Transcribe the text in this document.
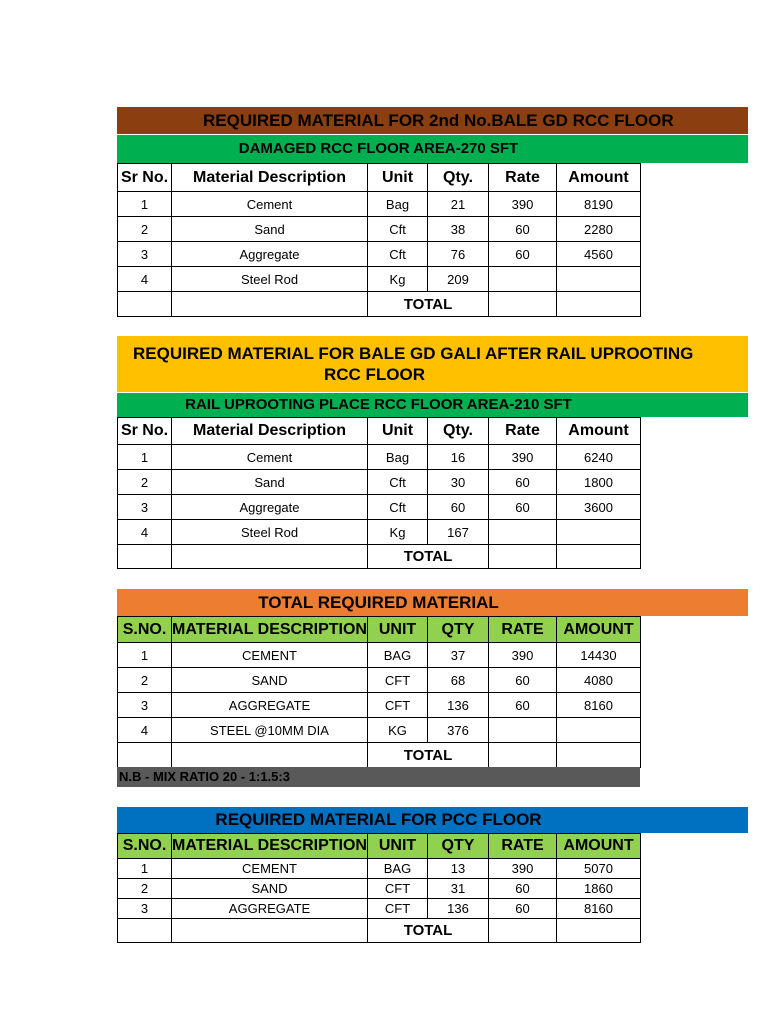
REQUIRED MATERIAL FOR 2nd No.BALE GD RCC FLOOR
DAMAGED RCC FLOOR AREA-270 SFT
Sr No.	Material Description	Unit	Qty.	Rate	Amount
1	Cement	Bag	21	390	8190
2	Sand	Cft	38	60	2280
3	Aggregate	Cft	76	60	4560
4	Steel Rod	Kg	209		
		TOTAL			
REQUIRED MATERIAL FOR BALE GD GALI AFTER RAIL UPROOTING
RCC FLOOR
RAIL UPROOTING PLACE RCC FLOOR AREA-210 SFT
Sr No.	Material Description	Unit	Qty.	Rate	Amount
1	Cement	Bag	16	390	6240
2	Sand	Cft	30	60	1800
3	Aggregate	Cft	60	60	3600
4	Steel Rod	Kg	167		
		TOTAL			
TOTAL REQUIRED MATERIAL
S.NO.	MATERIAL DESCRIPTION	UNIT	QTY	RATE	AMOUNT
1	CEMENT	BAG	37	390	14430
2	SAND	CFT	68	60	4080
3	AGGREGATE	CFT	136	60	8160
4	STEEL @10MM DIA	KG	376		
		TOTAL			
N.B - MIX RATIO 20 - 1:1.5:3
REQUIRED MATERIAL FOR PCC FLOOR
S.NO.	MATERIAL DESCRIPTION	UNIT	QTY	RATE	AMOUNT
1	CEMENT	BAG	13	390	5070
2	SAND	CFT	31	60	1860
3	AGGREGATE	CFT	136	60	8160
		TOTAL			
